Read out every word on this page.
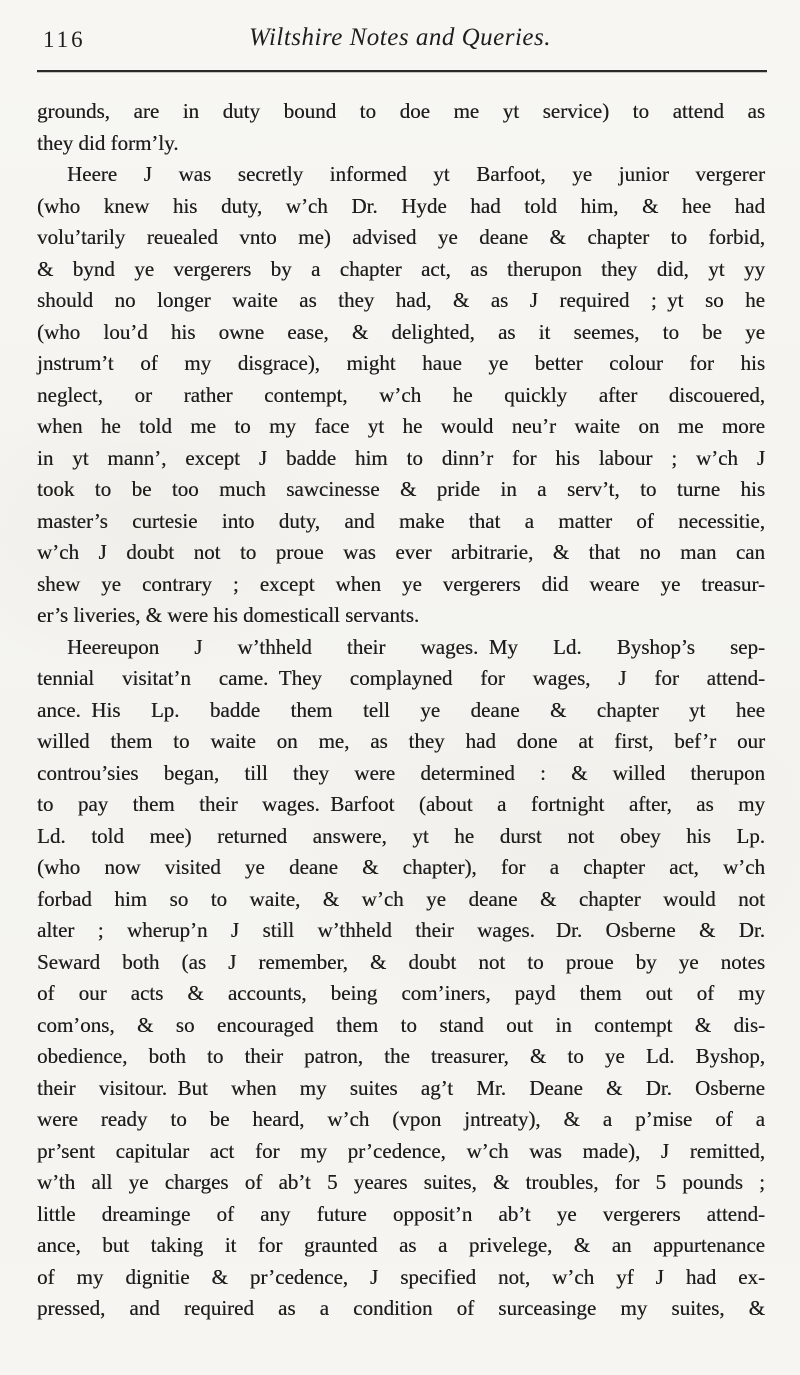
116	Wiltshire Notes and Queries.
grounds, are in duty bound to doe me yt service) to attend as
they did form’ly.
Heere J was secretly informed yt Barfoot, ye junior vergerer
(who knew his duty, w’ch Dr. Hyde had told him, & hee had
volu’tarily reuealed vnto me) advised ye deane & chapter to forbid,
& bynd ye vergerers by a chapter act, as therupon they did, yt yy
should no longer waite as they had, & as J required ; yt so he
(who lou’d his owne ease, & delighted, as it seemes, to be ye
jnstrum’t of my disgrace), might haue ye better colour for his
neglect, or rather contempt, w’ch he quickly after discouered,
when he told me to my face yt he would neu’r waite on me more
in yt mann’, except J badde him to dinn’r for his labour ; w’ch J
took to be too much sawcinesse & pride in a serv’t, to turne his
master’s curtesie into duty, and make that a matter of necessitie,
w’ch J doubt not to proue was ever arbitrarie, & that no man can
shew ye contrary ; except when ye vergerers did weare ye treasur-
er’s liveries, & were his domesticall servants.
Heereupon J w’thheld their wages. My Ld. Byshop’s sep-
tennial visitat’n came. They complayned for wages, J for attend-
ance. His Lp. badde them tell ye deane & chapter yt hee
willed them to waite on me, as they had done at first, bef’r our
controu’sies began, till they were determined : & willed therupon
to pay them their wages. Barfoot (about a fortnight after, as my
Ld. told mee) returned answere, yt he durst not obey his Lp.
(who now visited ye deane & chapter), for a chapter act, w’ch
forbad him so to waite, & w’ch ye deane & chapter would not
alter ; wherup’n J still w’thheld their wages.  Dr. Osberne & Dr.
Seward both (as J remember, & doubt not to proue by ye notes
of our acts & accounts, being com’iners, payd them out of my
com’ons, & so encouraged them to stand out in contempt & dis-
obedience, both to their patron, the treasurer, & to ye Ld. Byshop,
their visitour. But when my suites ag’t Mr. Deane & Dr. Osberne
were ready to be heard, w’ch (vpon jntreaty), & a p’mise of a
pr’sent capitular act for my pr’cedence, w’ch was made), J remitted,
w’th all ye charges of ab’t 5 yeares suites, & troubles, for 5 pounds ;
little dreaminge of any future opposit’n ab’t ye vergerers attend-
ance, but taking it for graunted as a privelege, & an appurtenance
of my dignitie & pr’cedence, J specified not, w’ch yf J had ex-
pressed, and required as a condition of surceasinge my suites, &
